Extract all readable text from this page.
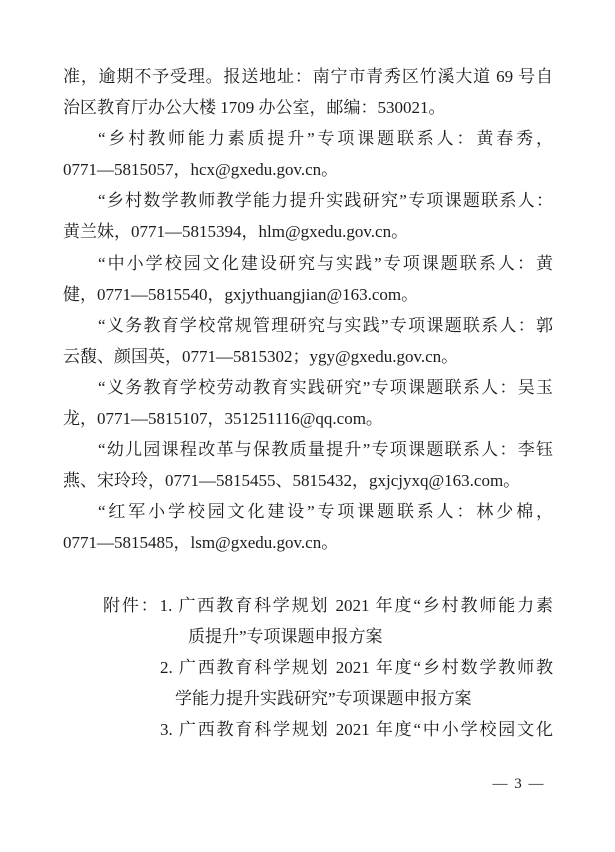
准，逾期不予受理。报送地址：南宁市青秀区竹溪大道 69 号自
治区教育厅办公大楼 1709 办公室，邮编：530021。
“乡村教师能力素质提升”专项课题联系人：黄春秀，
0771—5815057，hcx@gxedu.gov.cn。
“乡村数学教师教学能力提升实践研究”专项课题联系人：
黄兰妹，0771—5815394，hlm@gxedu.gov.cn。
“中小学校园文化建设研究与实践”专项课题联系人：黄
健，0771—5815540，gxjythuangjian@163.com。
“义务教育学校常规管理研究与实践”专项课题联系人：郭
云馥、颜国英，0771—5815302；ygy@gxedu.gov.cn。
“义务教育学校劳动教育实践研究”专项课题联系人：吴玉
龙，0771—5815107，351251116@qq.com。
“幼儿园课程改革与保教质量提升”专项课题联系人：李钰
燕、宋玲玲，0771—5815455、5815432，gxjcjyxq@163.com。
“红军小学校园文化建设”专项课题联系人：林少棉，
0771—5815485，lsm@gxedu.gov.cn。
附件：1. 广西教育科学规划 2021 年度“乡村教师能力素
质提升”专项课题申报方案
2. 广西教育科学规划 2021 年度“乡村数学教师教
学能力提升实践研究”专项课题申报方案
3. 广西教育科学规划 2021 年度“中小学校园文化
— 3 —
